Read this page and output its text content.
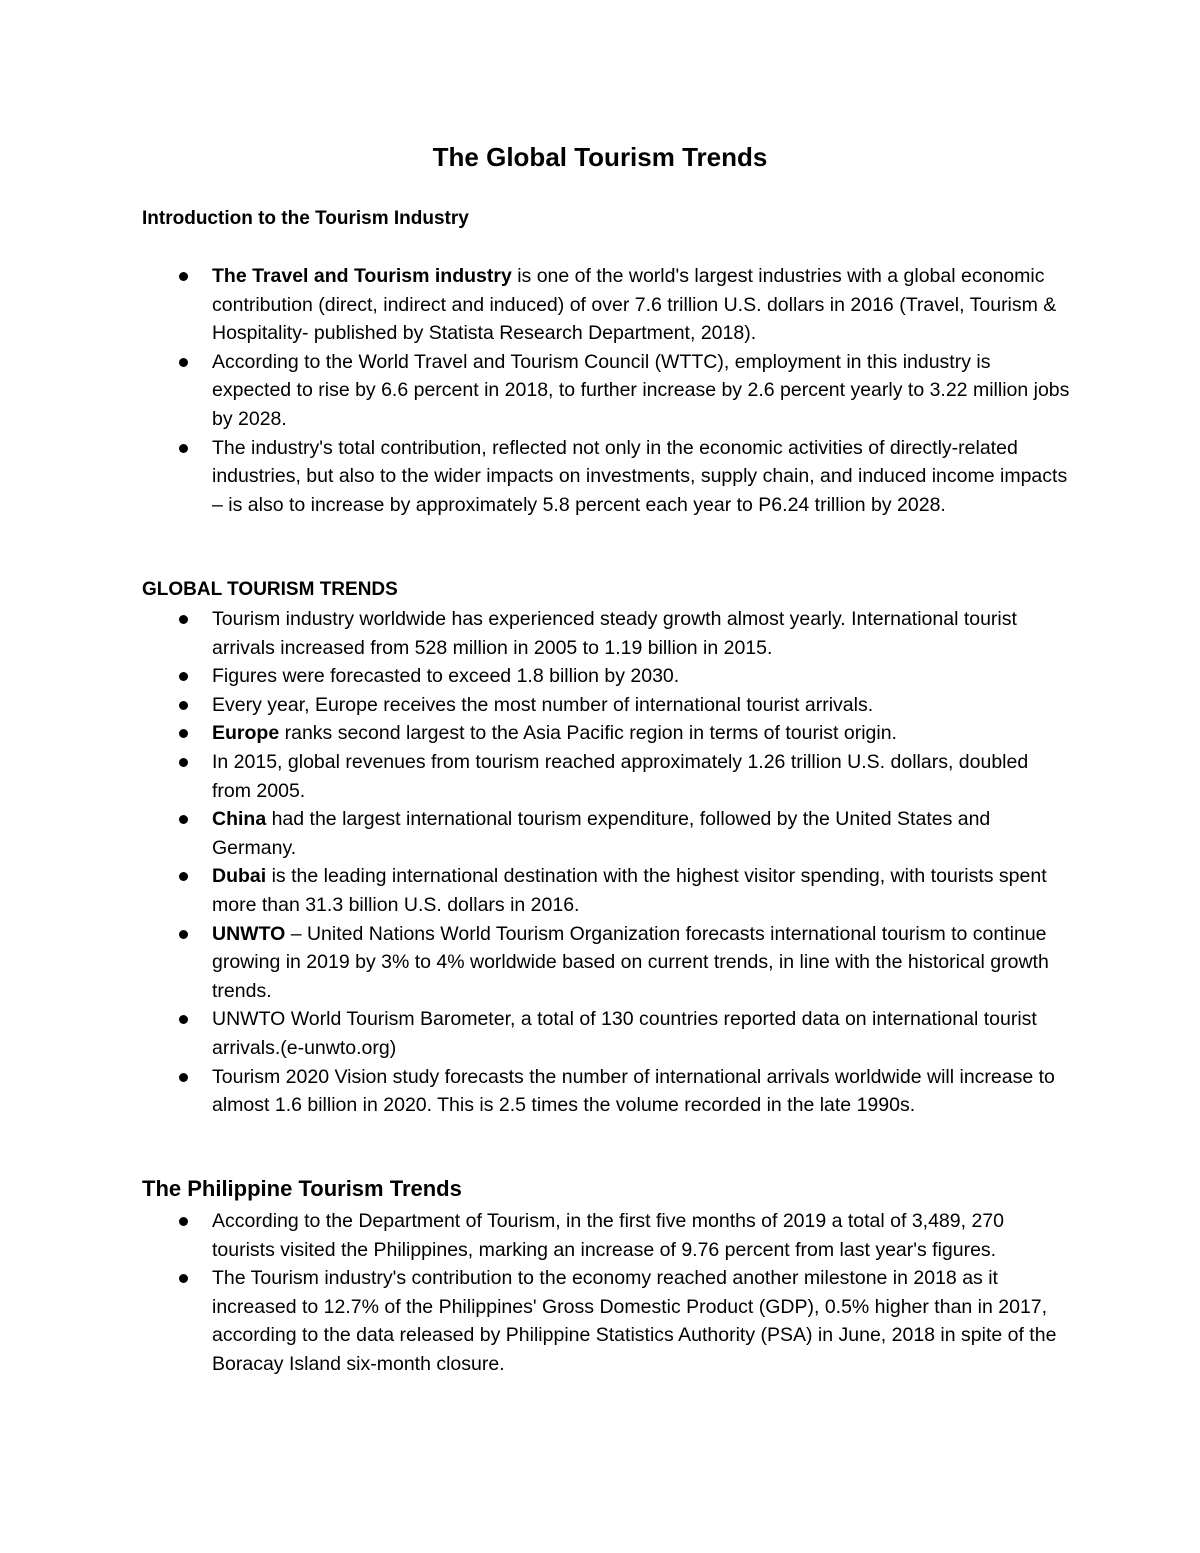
The Global Tourism Trends
Introduction to the Tourism Industry
The Travel and Tourism industry is one of the world's largest industries with a global economic contribution (direct, indirect and induced) of over 7.6 trillion U.S. dollars in 2016 (Travel, Tourism & Hospitality- published by Statista Research Department, 2018).
According to the World Travel and Tourism Council (WTTC), employment in this industry is expected to rise by 6.6 percent in 2018, to further increase by 2.6 percent yearly to 3.22 million jobs by 2028.
The industry's total contribution, reflected not only in the economic activities of directly-related industries, but also to the wider impacts on investments, supply chain, and induced income impacts – is also to increase by approximately 5.8 percent each year to P6.24 trillion by 2028.
GLOBAL TOURISM TRENDS
Tourism industry worldwide has experienced steady growth almost yearly. International tourist arrivals increased from 528 million in 2005 to 1.19 billion in 2015.
Figures were forecasted to exceed 1.8 billion by 2030.
Every year, Europe receives the most number of international tourist arrivals.
Europe ranks second largest to the Asia Pacific region in terms of tourist origin.
In 2015, global revenues from tourism reached approximately 1.26 trillion U.S. dollars, doubled from 2005.
China had the largest international tourism expenditure, followed by the United States and Germany.
Dubai is the leading international destination with the highest visitor spending, with tourists spent more than 31.3 billion U.S. dollars in 2016.
UNWTO – United Nations World Tourism Organization forecasts international tourism to continue growing in 2019 by 3% to 4% worldwide based on current trends, in line with the historical growth trends.
UNWTO World Tourism Barometer, a total of 130 countries reported data on international tourist arrivals.(e-unwto.org)
Tourism 2020 Vision study forecasts the number of international arrivals worldwide will increase to almost 1.6 billion in 2020. This is 2.5 times the volume recorded in the late 1990s.
The Philippine Tourism Trends
According to the Department of Tourism, in the first five months of 2019 a total of 3,489, 270 tourists visited the Philippines, marking an increase of 9.76 percent from last year's figures.
The Tourism industry's contribution to the economy reached another milestone in 2018 as it increased to 12.7% of the Philippines' Gross Domestic Product (GDP), 0.5% higher than in 2017, according to the data released by Philippine Statistics Authority (PSA) in June, 2018 in spite of the Boracay Island six-month closure.
